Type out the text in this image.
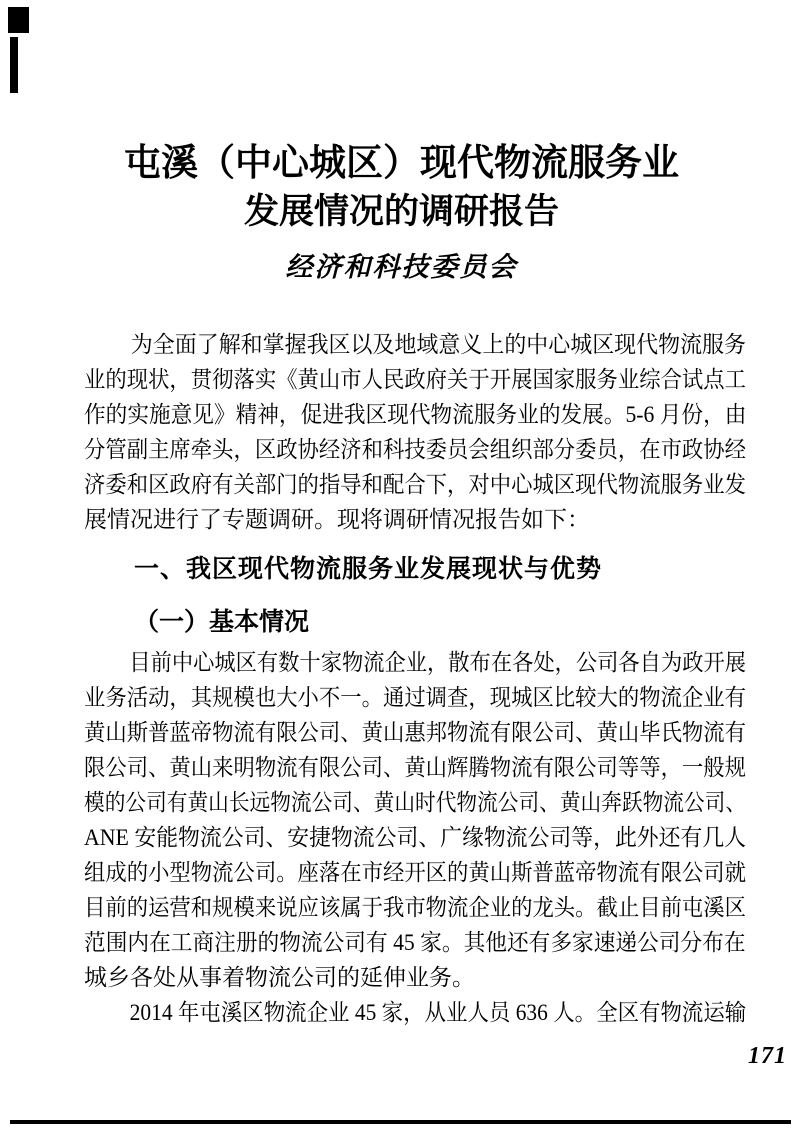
屯溪（中心城区）现代物流服务业
发展情况的调研报告
经济和科技委员会
为全面了解和掌握我区以及地域意义上的中心城区现代物流服务
业的现状，贯彻落实《黄山市人民政府关于开展国家服务业综合试点工
作的实施意见》精神，促进我区现代物流服务业的发展。5-6 月份，由
分管副主席牵头，区政协经济和科技委员会组织部分委员，在市政协经
济委和区政府有关部门的指导和配合下，对中心城区现代物流服务业发
展情况进行了专题调研。现将调研情况报告如下：
一、我区现代物流服务业发展现状与优势
（一）基本情况
目前中心城区有数十家物流企业，散布在各处，公司各自为政开展
业务活动，其规模也大小不一。通过调查，现城区比较大的物流企业有
黄山斯普蓝帝物流有限公司、黄山惠邦物流有限公司、黄山毕氏物流有
限公司、黄山来明物流有限公司、黄山辉腾物流有限公司等等，一般规
模的公司有黄山长远物流公司、黄山时代物流公司、黄山奔跃物流公司、
ANE 安能物流公司、安捷物流公司、广缘物流公司等，此外还有几人
组成的小型物流公司。座落在市经开区的黄山斯普蓝帝物流有限公司就
目前的运营和规模来说应该属于我市物流企业的龙头。截止目前屯溪区
范围内在工商注册的物流公司有 45 家。其他还有多家速递公司分布在
城乡各处从事着物流公司的延伸业务。
2014 年屯溪区物流企业 45 家，从业人员 636 人。全区有物流运输
171
